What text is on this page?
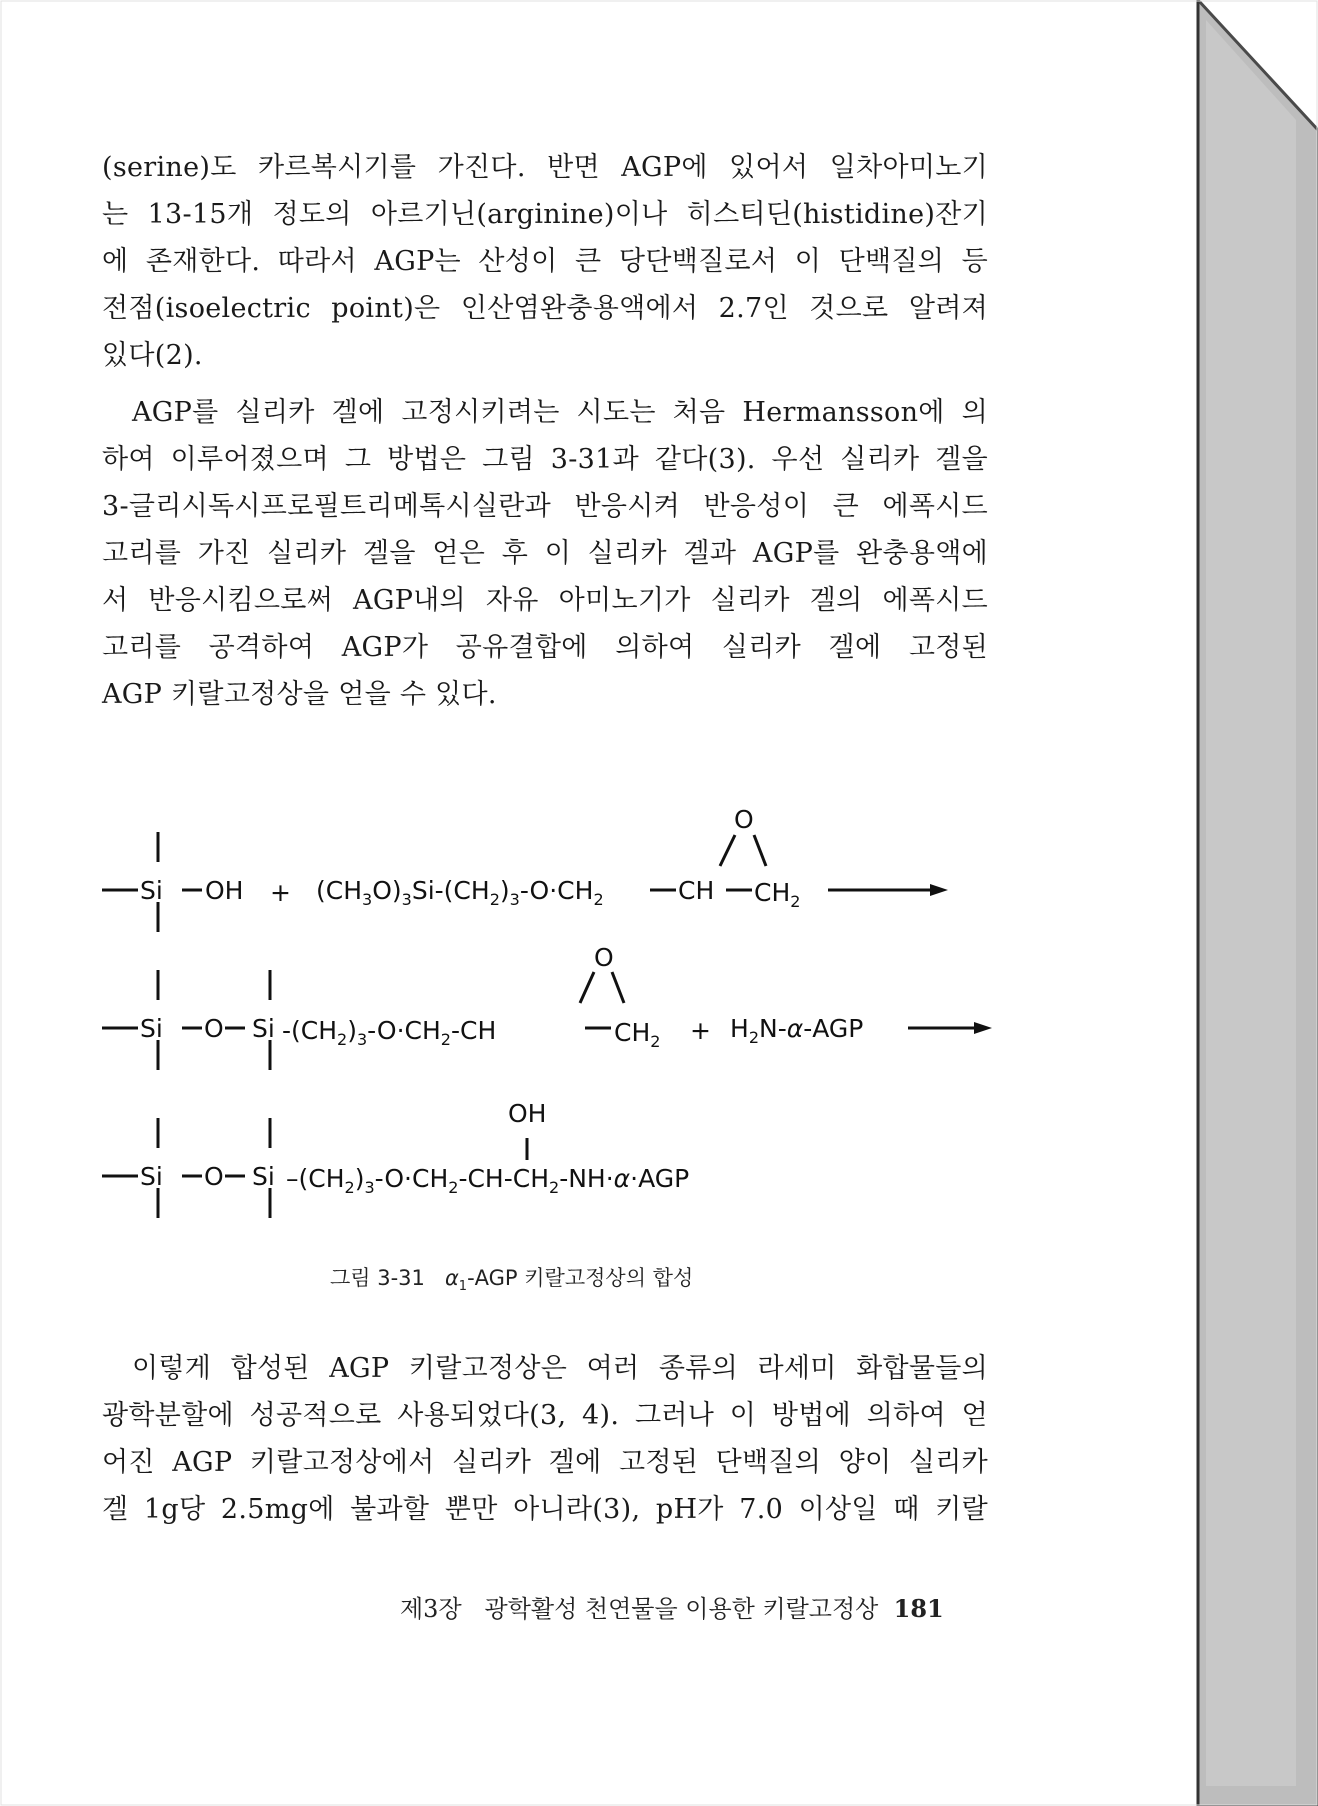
(serine)도 카르복시기를 가진다. 반면 AGP에 있어서 일차아미노기
는 13-15개 정도의 아르기닌(arginine)이나 히스티딘(histidine)잔기
에 존재한다. 따라서 AGP는 산성이 큰 당단백질로서 이 단백질의 등
전점(isoelectric point)은 인산염완충용액에서 2.7인 것으로 알려져
있다(2).
AGP를 실리카 겔에 고정시키려는 시도는 처음 Hermansson에 의
하여 이루어졌으며 그 방법은 그림 3-31과 같다(3). 우선 실리카 겔을
3-글리시독시프로필트리메톡시실란과 반응시켜 반응성이 큰 에폭시드
고리를 가진 실리카 겔을 얻은 후 이 실리카 겔과 AGP를 완충용액에
서 반응시킴으로써 AGP내의 자유 아미노기가 실리카 겔의 에폭시드
고리를 공격하여 AGP가 공유결합에 의하여 실리카 겔에 고정된
AGP 키랄고정상을 얻을 수 있다.
Si OH + $(CH_3O)_3Si-(CH_2)_3-O\cdot CH_2$	CH $CH_2$
O
Si O Si $-(CH_2)_3-O\cdot CH_2-CH$	$CH_2$
O
+ $H_2N-\alpha$-AGP
Si O Si $-(CH_2)_3-O\cdot CH_2-CH-CH_2-NH\cdot\alpha\cdot AGP$
OH
그림 3-31 $\alpha_1$-AGP 키랄고정상의 합성
이렇게 합성된 AGP 키랄고정상은 여러 종류의 라세미 화합물들의
광학분할에 성공적으로 사용되었다(3, 4). 그러나 이 방법에 의하여 얻
어진 AGP 키랄고정상에서 실리카 겔에 고정된 단백질의 양이 실리카
겔 1g당 2.5mg에 불과할 뿐만 아니라(3), pH가 7.0 이상일 때 키랄
제3장 광학활성 천연물을 이용한 키랄고정상 181
